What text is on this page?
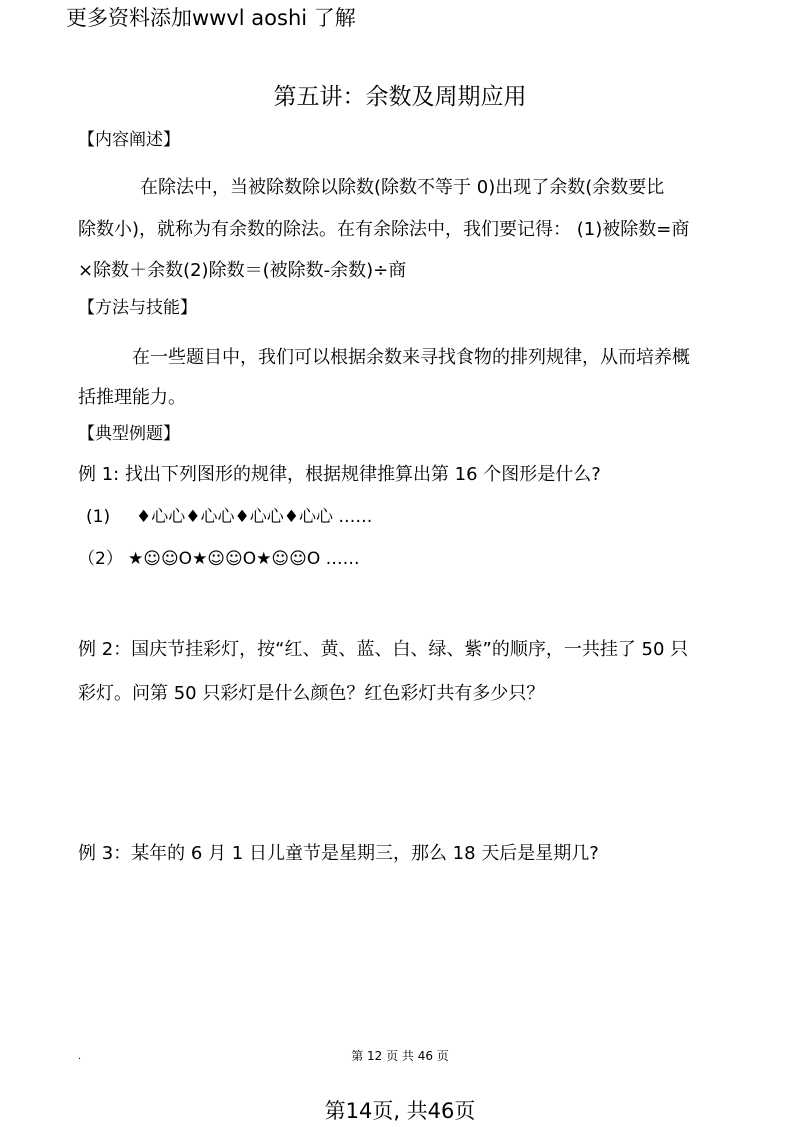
更多资料添加wwvl aoshi 了解
第五讲：余数及周期应用
【内容阐述】
在除法中，当被除数除以除数(除数不等于 0)出现了余数(余数要比
除数小)，就称为有余数的除法。在有余除法中，我们要记得： (1)被除数=商
×除数＋余数(2)除数＝(被除数-余数)÷商
【方法与技能】
在一些题目中，我们可以根据余数来寻找食物的排列规律，从而培养概
括推理能力。
【典型例题】
例 1: 找出下列图形的规律，根据规律推算出第 16 个图形是什么?
(1) ♦心心♦心心♦心心♦心心 ……
（2） ★☺☺O★☺☺O★☺☺O ……
例 2：国庆节挂彩灯，按“红、黄、蓝、白、绿、紫”的顺序，一共挂了 50 只
彩灯。问第 50 只彩灯是什么颜色？红色彩灯共有多少只？
例 3：某年的 6 月 1 日儿童节是星期三，那么 18 天后是星期几?
.	第 12 页 共 46 页
第14页, 共46页
